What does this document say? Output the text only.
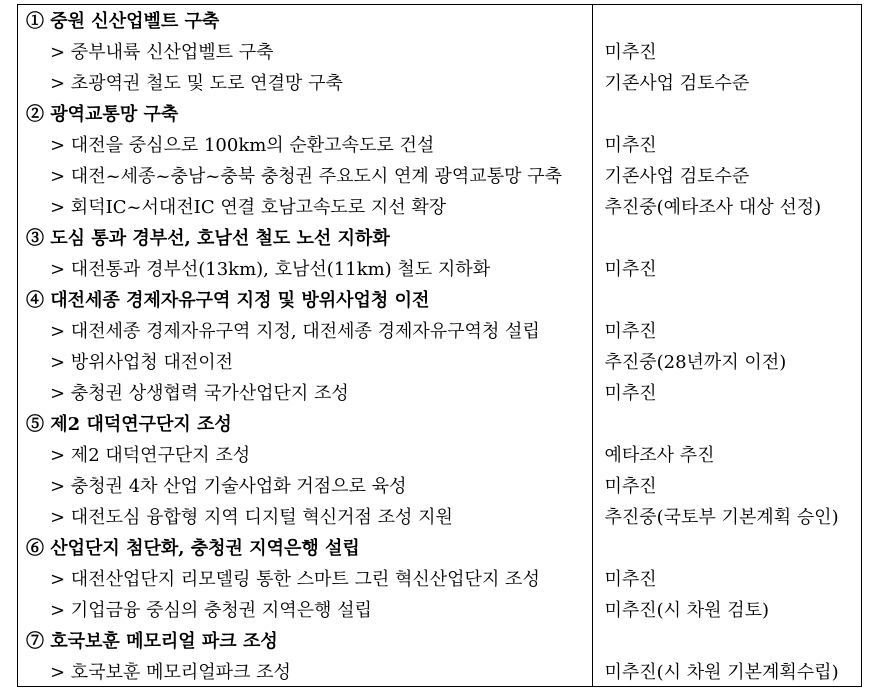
① 중원 신산업벨트 구축	
> 중부내륙 신산업벨트 구축	미추진
> 초광역권 철도 및 도로 연결망 구축	기존사업 검토수준
② 광역교통망 구축	
> 대전을 중심으로 100km의 순환고속도로 건설	미추진
> 대전~세종~충남~충북 충청권 주요도시 연계 광역교통망 구축	기존사업 검토수준
> 회덕IC~서대전IC 연결 호남고속도로 지선 확장	추진중(예타조사 대상 선정)
③ 도심 통과 경부선, 호남선 철도 노선 지하화	
> 대전통과 경부선(13km), 호남선(11km) 철도 지하화	미추진
④ 대전세종 경제자유구역 지정 및 방위사업청 이전	
> 대전세종 경제자유구역 지정, 대전세종 경제자유구역청 설립	미추진
> 방위사업청 대전이전	추진중(28년까지 이전)
> 충청권 상생협력 국가산업단지 조성	미추진
⑤ 제2 대덕연구단지 조성	
> 제2 대덕연구단지 조성	예타조사 추진
> 충청권 4차 산업 기술사업화 거점으로 육성	미추진
> 대전도심 융합형 지역 디지털 혁신거점 조성 지원	추진중(국토부 기본계획 승인)
⑥ 산업단지 첨단화, 충청권 지역은행 설립	
> 대전산업단지 리모델링 통한 스마트 그린 혁신산업단지 조성	미추진
> 기업금융 중심의 충청권 지역은행 설립	미추진(시 차원 검토)
⑦ 호국보훈 메모리얼 파크 조성	
> 호국보훈 메모리얼파크 조성	미추진(시 차원 기본계획수립)
